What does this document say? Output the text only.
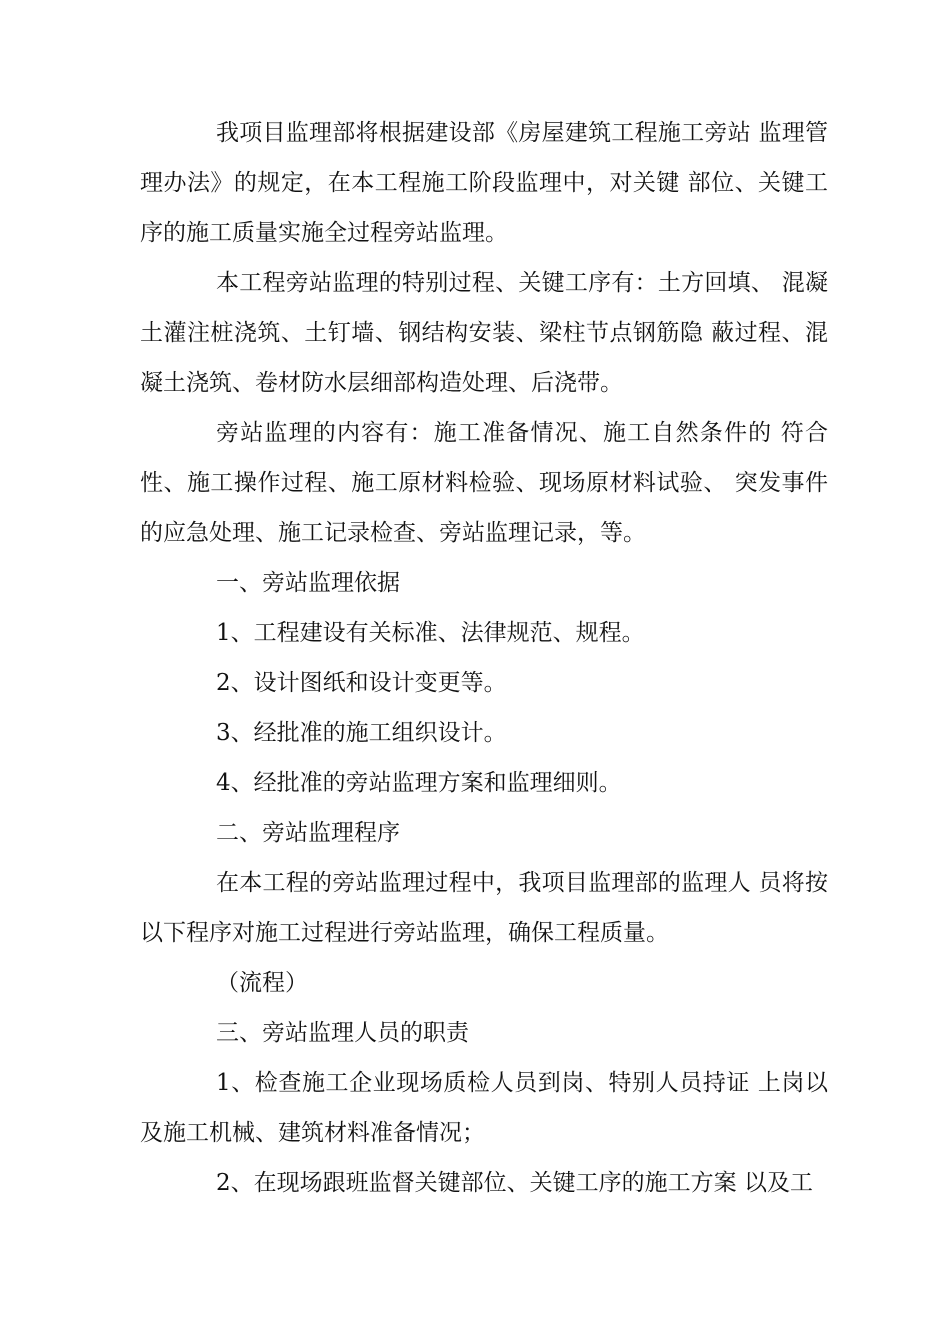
我项目监理部将根据建设部《房屋建筑工程施工旁站 监理管理办法》的规定，在本工程施工阶段监理中，对关键 部位、关键工序的施工质量实施全过程旁站监理。

本工程旁站监理的特别过程、关键工序有：土方回填、 混凝土灌注桩浇筑、土钉墙、钢结构安装、梁柱节点钢筋隐 蔽过程、混凝土浇筑、卷材防水层细部构造处理、后浇带。

旁站监理的内容有：施工准备情况、施工自然条件的 符合性、施工操作过程、施工原材料检验、现场原材料试验、 突发事件的应急处理、施工记录检查、旁站监理记录，等。

一、旁站监理依据

1、工程建设有关标准、法律规范、规程。

2、设计图纸和设计变更等。

3、经批准的施工组织设计。

4、经批准的旁站监理方案和监理细则。

二、旁站监理程序

在本工程的旁站监理过程中，我项目监理部的监理人 员将按以下程序对施工过程进行旁站监理，确保工程质量。

（流程）

三、旁站监理人员的职责

1、检查施工企业现场质检人员到岗、特别人员持证 上岗以及施工机械、建筑材料准备情况；

2、在现场跟班监督关键部位、关键工序的施工方案 以及工
